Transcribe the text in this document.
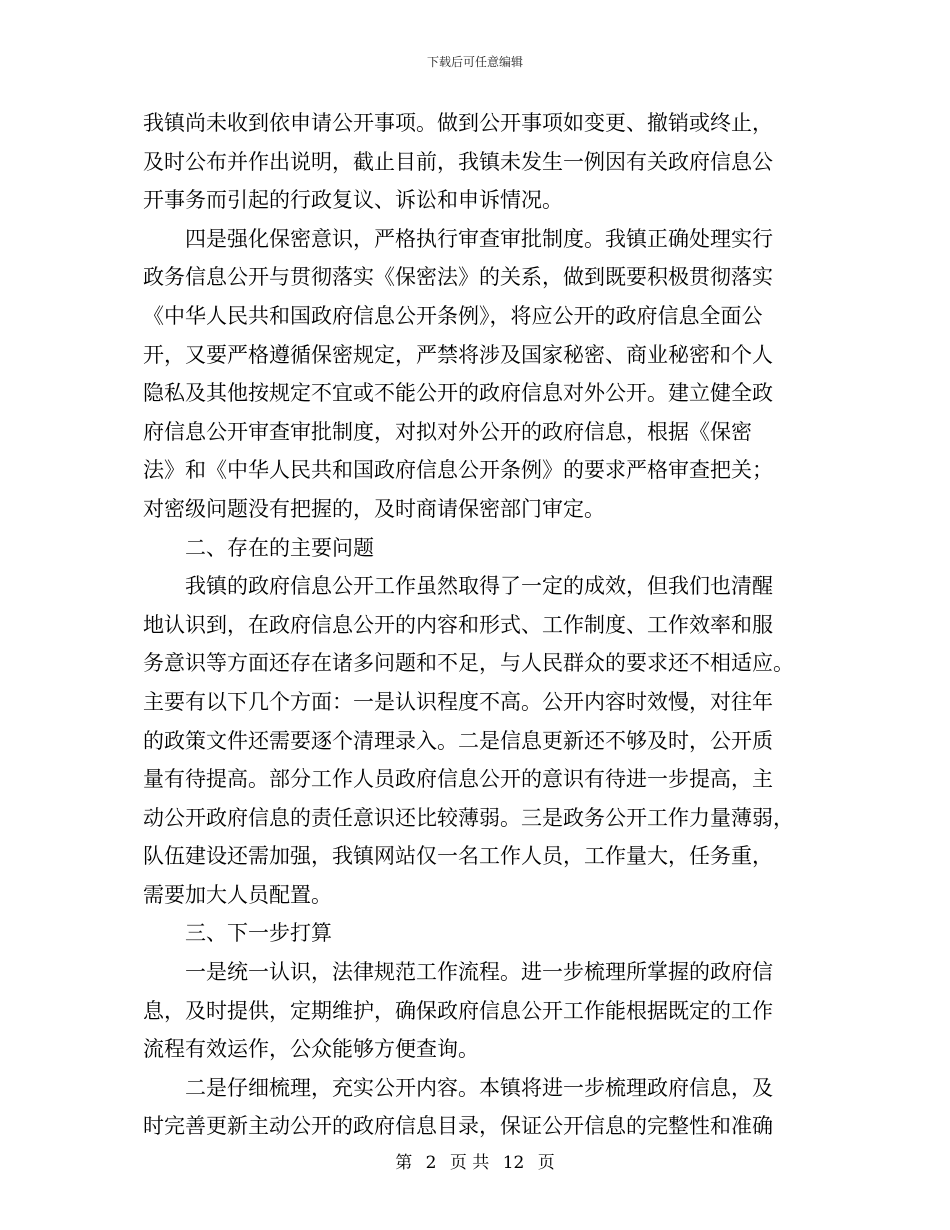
下载后可任意编辑
我镇尚未收到依申请公开事项。做到公开事项如变更、撤销或终止，
及时公布并作出说明，截止目前，我镇未发生一例因有关政府信息公
开事务而引起的行政复议、诉讼和申诉情况。
　　四是强化保密意识，严格执行审查审批制度。我镇正确处理实行
政务信息公开与贯彻落实《保密法》的关系，做到既要积极贯彻落实
《中华人民共和国政府信息公开条例》，将应公开的政府信息全面公
开，又要严格遵循保密规定，严禁将涉及国家秘密、商业秘密和个人
隐私及其他按规定不宜或不能公开的政府信息对外公开。建立健全政
府信息公开审查审批制度，对拟对外公开的政府信息，根据《保密
法》和《中华人民共和国政府信息公开条例》的要求严格审查把关；
对密级问题没有把握的，及时商请保密部门审定。
　　二、存在的主要问题
　　我镇的政府信息公开工作虽然取得了一定的成效，但我们也清醒
地认识到，在政府信息公开的内容和形式、工作制度、工作效率和服
务意识等方面还存在诸多问题和不足，与人民群众的要求还不相适应。
主要有以下几个方面：一是认识程度不高。公开内容时效慢，对往年
的政策文件还需要逐个清理录入。二是信息更新还不够及时，公开质
量有待提高。部分工作人员政府信息公开的意识有待进一步提高，主
动公开政府信息的责任意识还比较薄弱。三是政务公开工作力量薄弱，
队伍建设还需加强，我镇网站仅一名工作人员，工作量大，任务重，
需要加大人员配置。
　　三、下一步打算
　　一是统一认识，法律规范工作流程。进一步梳理所掌握的政府信
息，及时提供，定期维护，确保政府信息公开工作能根据既定的工作
流程有效运作，公众能够方便查询。
　　二是仔细梳理，充实公开内容。本镇将进一步梳理政府信息，及
时完善更新主动公开的政府信息目录，保证公开信息的完整性和准确
第 2 页 共 12 页
